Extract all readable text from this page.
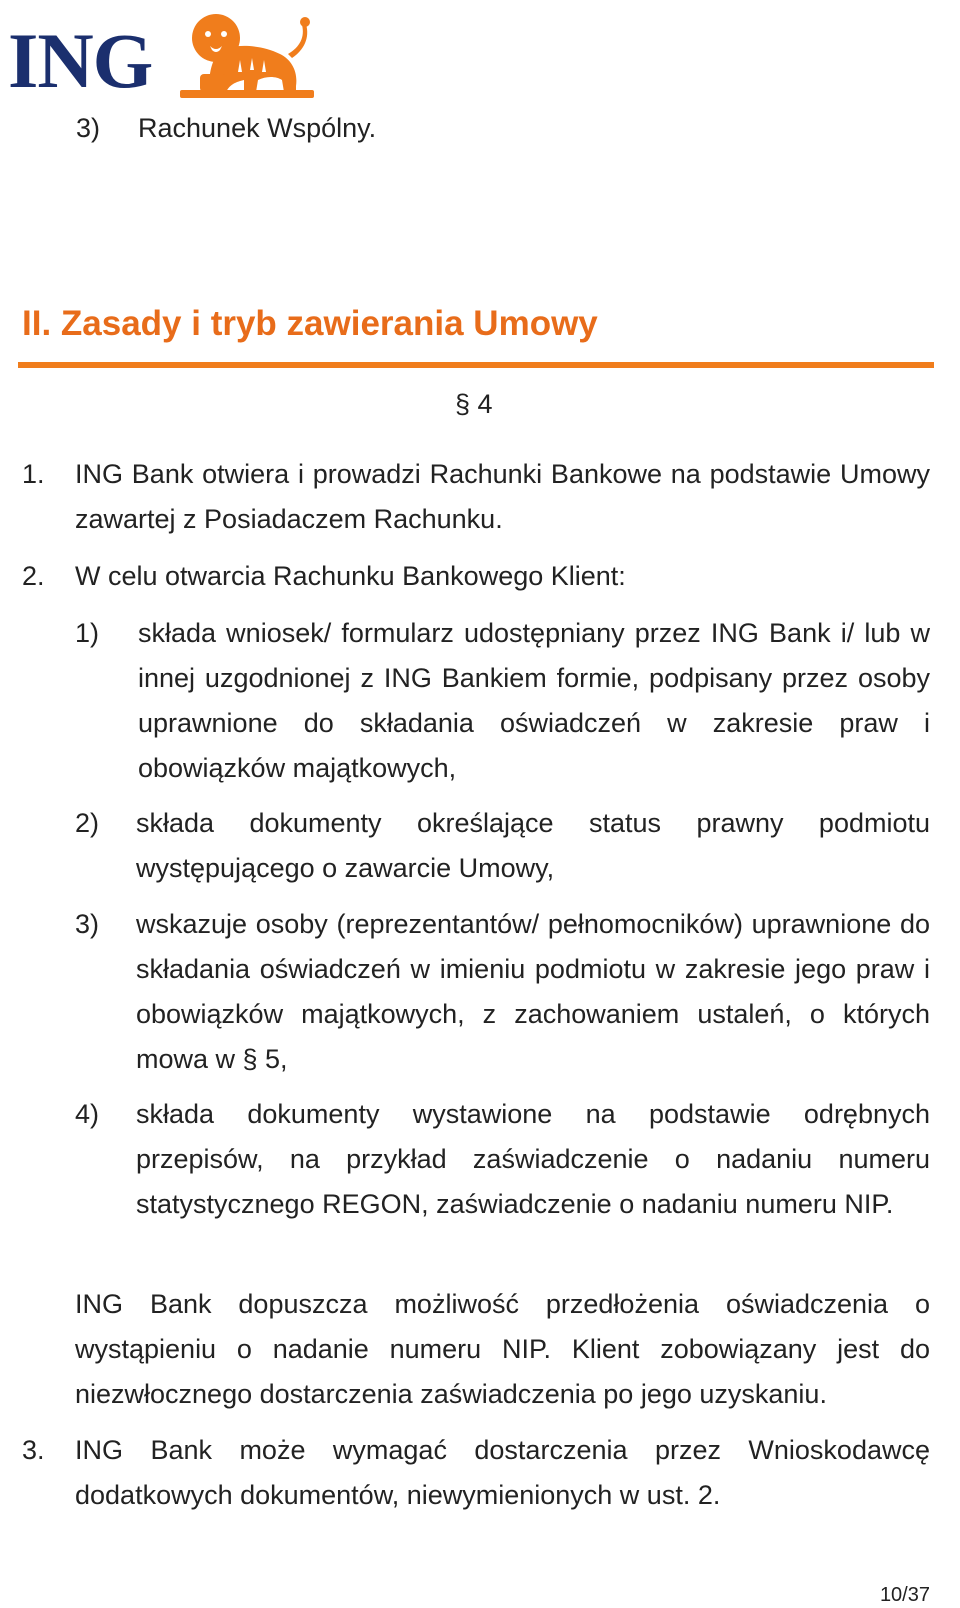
ING
3) Rachunek Wspólny.
II. Zasady i tryb zawierania Umowy
§ 4
1. ING Bank otwiera i prowadzi Rachunki Bankowe na podstawie Umowy zawartej z Posiadaczem Rachunku.
2. W celu otwarcia Rachunku Bankowego Klient:
1) składa wniosek/ formularz udostępniany przez ING Bank i/ lub w innej uzgodnionej z ING Bankiem formie, podpisany przez osoby uprawnione do składania oświadczeń w zakresie praw i obowiązków majątkowych,
2) składa dokumenty określające status prawny podmiotu występującego o zawarcie Umowy,
3) wskazuje osoby (reprezentantów/ pełnomocników) uprawnione do składania oświadczeń w imieniu podmiotu w zakresie jego praw i obowiązków majątkowych, z zachowaniem ustaleń, o których mowa w § 5,
4) składa dokumenty wystawione na podstawie odrębnych przepisów, na przykład zaświadczenie o nadaniu numeru statystycznego REGON, zaświadczenie o nadaniu numeru NIP.
ING Bank dopuszcza możliwość przedłożenia oświadczenia o wystąpieniu o nadanie numeru NIP. Klient zobowiązany jest do niezwłocznego dostarczenia zaświadczenia po jego uzyskaniu.
3. ING Bank może wymagać dostarczenia przez Wnioskodawcę dodatkowych dokumentów, niewymienionych w ust. 2.
10/37
